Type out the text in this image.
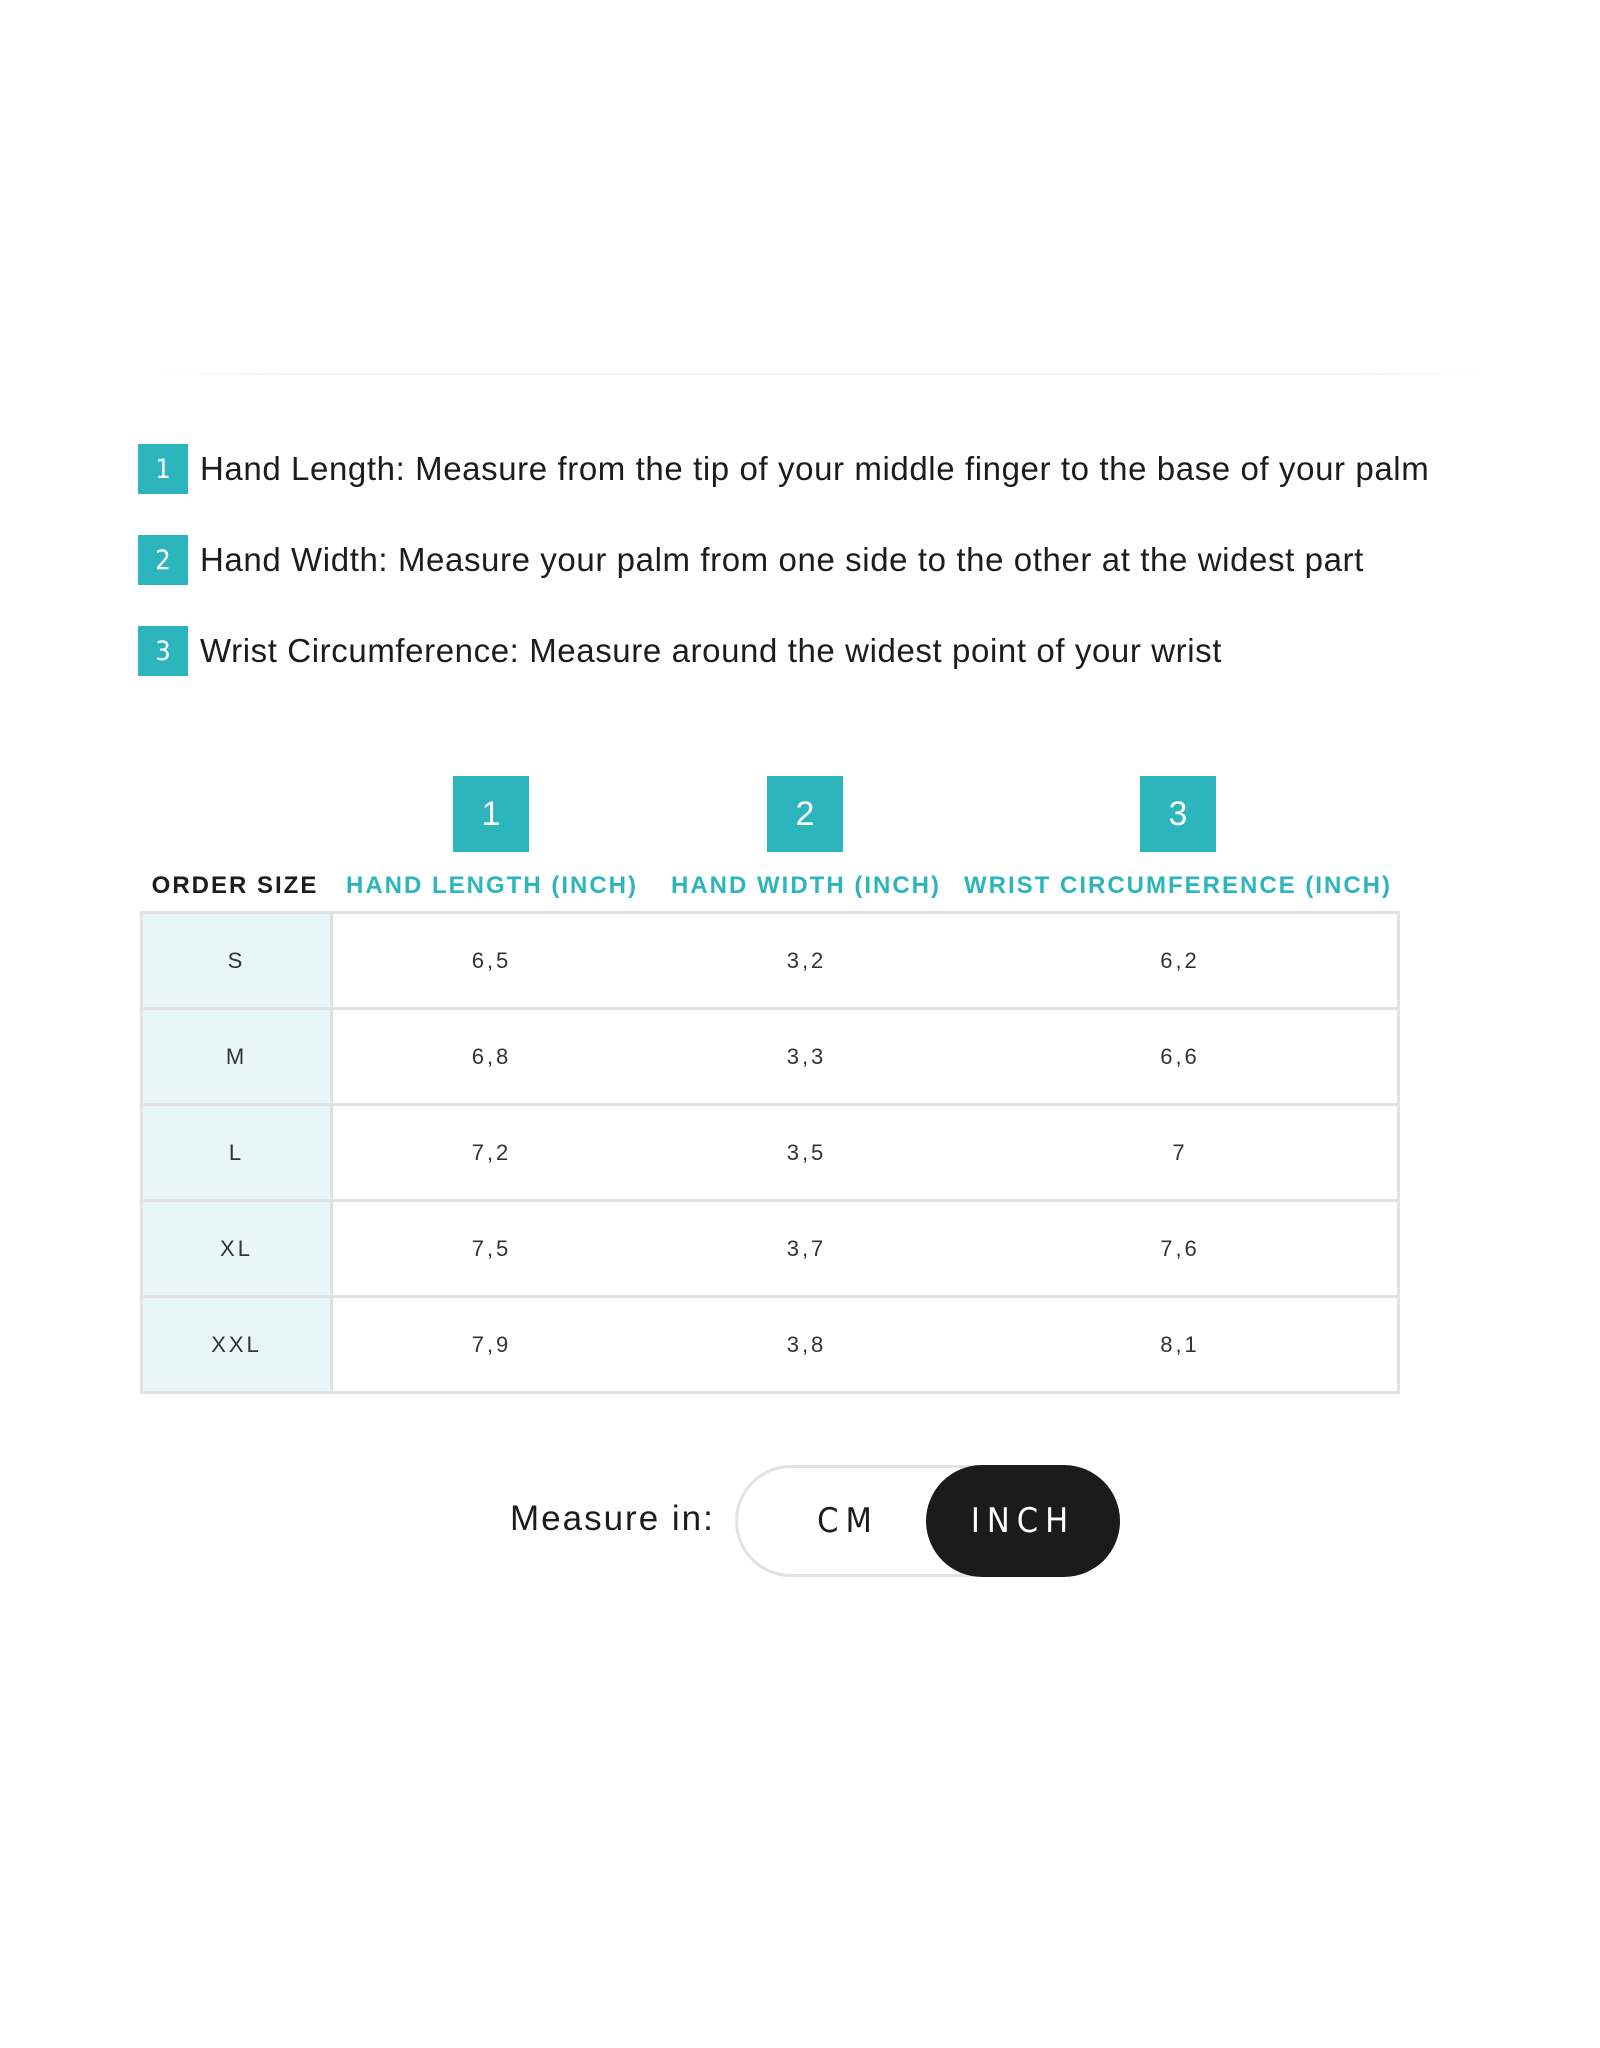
1 Hand Length: Measure from the tip of your middle finger to the base of your palm
2 Hand Width: Measure your palm from one side to the other at the widest part
3 Wrist Circumference: Measure around the widest point of your wrist
1	2	3
ORDER SIZE HAND LENGTH (INCH) HAND WIDTH (INCH) WRIST CIRCUMFERENCE (INCH)
S	6,5	3,2	6,2
M	6,8	3,3	6,6
L	7,2	3,5	7
XL	7,5	3,7	7,6
XXL	7,9	3,8	8,1
Measure in:	CM	INCH
